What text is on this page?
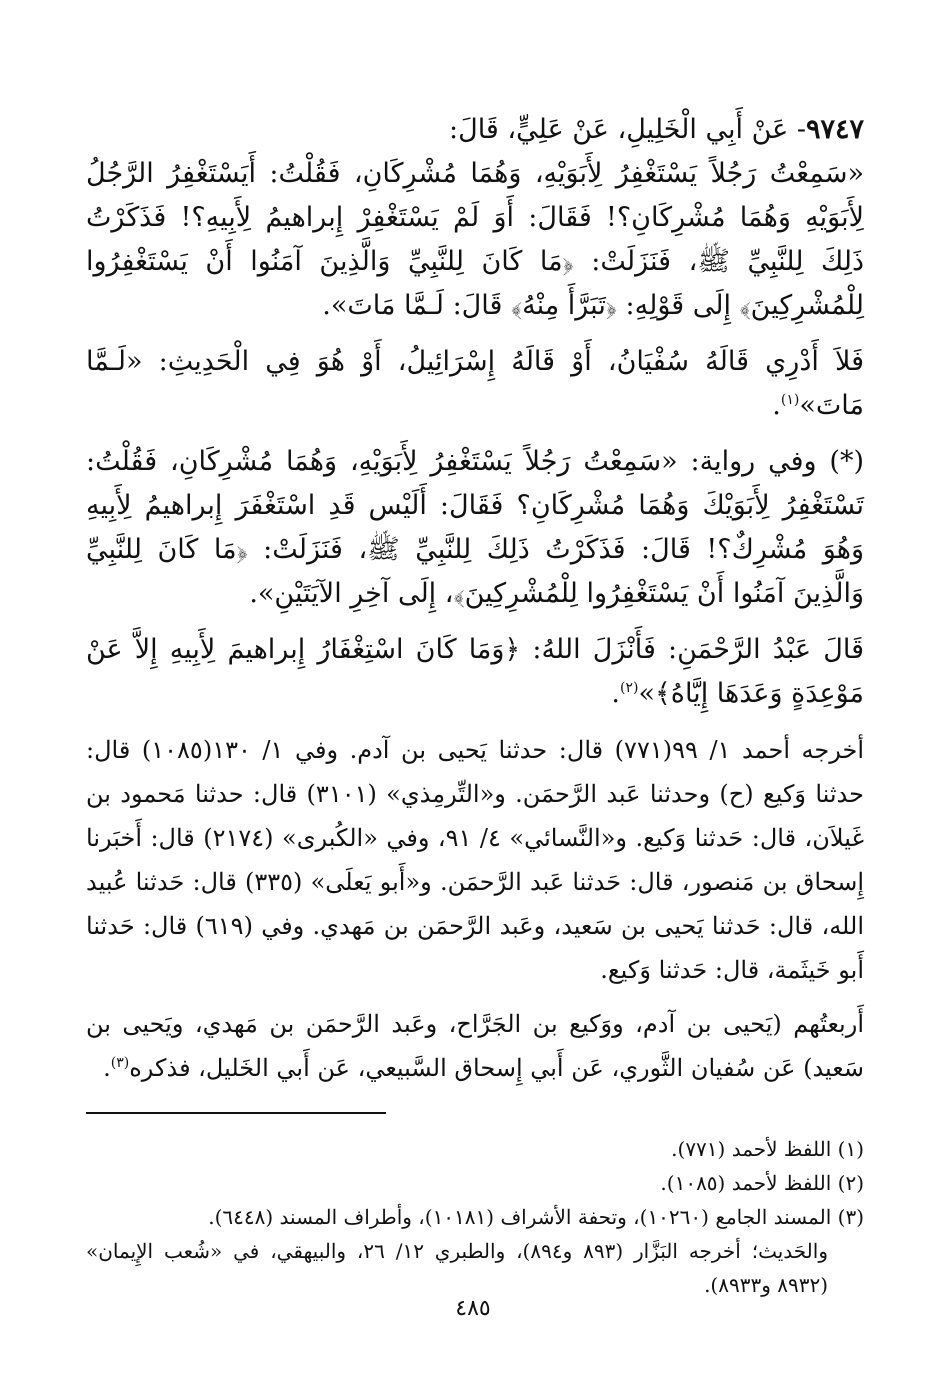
٩٧٤٧- عَنْ أَبِي الْخَلِيلِ، عَنْ عَلِيٍّ، قَالَ:

«سَمِعْتُ رَجُلاً يَسْتَغْفِرُ لِأَبَوَيْهِ، وَهُمَا مُشْرِكَانِ، فَقُلْتُ: أَيَسْتَغْفِرُ الرَّجُلُ لِأَبَوَيْهِ وَهُمَا مُشْرِكَانِ؟! فَقَالَ: أَوَ لَمْ يَسْتَغْفِرْ إِبراهيمُ لِأَبِيهِ؟! فَذَكَرْتُ ذَلِكَ لِلنَّبِيِّ ﷺ، فَنَزَلَتْ: ﴿مَا كَانَ لِلنَّبِيِّ وَالَّذِينَ آمَنُوا أَنْ يَسْتَغْفِرُوا لِلْمُشْرِكِينَ﴾ إِلَى قَوْلِهِ: ﴿تَبَرَّأَ مِنْهُ﴾ قَالَ: لَـمَّا مَاتَ».

فَلاَ أَدْرِي قَالَهُ سُفْيَانُ، أَوْ قَالَهُ إِسْرَائِيلُ، أَوْ هُوَ فِي الْحَدِيثِ: «لَـمَّا مَاتَ»$^{(١)}$.

(*) وفي رواية: «سَمِعْتُ رَجُلاً يَسْتَغْفِرُ لِأَبَوَيْهِ، وَهُمَا مُشْرِكَانِ، فَقُلْتُ: تَسْتَغْفِرُ لِأَبَوَيْكَ وَهُمَا مُشْرِكَانِ؟ فَقَالَ: أَلَيْس قَدِ اسْتَغْفَرَ إِبراهيمُ لِأَبِيهِ وَهُوَ مُشْرِكٌ؟! قَالَ: فَذَكَرْتُ ذَلِكَ لِلنَّبِيِّ ﷺ، فَنَزَلَتْ: ﴿مَا كَانَ لِلنَّبِيِّ وَالَّذِينَ آمَنُوا أَنْ يَسْتَغْفِرُوا لِلْمُشْرِكِينَ﴾، إِلَى آخِرِ الآيَتَيْنِ».

قَالَ عَبْدُ الرَّحْمَنِ: فَأَنْزَلَ اللهُ: ﴿وَمَا كَانَ اسْتِغْفَارُ إِبراهيمَ لِأَبِيهِ إِلاَّ عَنْ مَوْعِدَةٍ وَعَدَهَا إِيَّاهُ﴾»$^{(٢)}$.

أخرجه أحمد ١/ ٩٩(٧٧١) قال: حدثنا يَحيى بن آدم. وفي ١/ ١٣٠(١٠٨٥) قال: حدثنا وَكيع (ح) وحدثنا عَبد الرَّحمَن. و«التِّرمِذي» (٣١٠١) قال: حدثنا مَحمود بن غَيلاَن، قال: حَدثنا وَكيع. و«النَّسائي» ٤/ ٩١، وفي «الكُبرى» (٢١٧٤) قال: أَخبَرنا إِسحاق بن مَنصور، قال: حَدثنا عَبد الرَّحمَن. و«أَبو يَعلَى» (٣٣٥) قال: حَدثنا عُبيد الله، قال: حَدثنا يَحيى بن سَعيد، وعَبد الرَّحمَن بن مَهدي. وفي (٦١٩) قال: حَدثنا أَبو خَيثَمة، قال: حَدثنا وَكيع.

أَربعتُهم (يَحيى بن آدم، ووَكيع بن الجَرَّاح، وعَبد الرَّحمَن بن مَهدي، ويَحيى بن سَعيد) عَن سُفيان الثَّوري، عَن أَبي إِسحاق السَّبيعي، عَن أَبي الخَليل، فذكره$^{(٣)}$.

(١) اللفظ لأحمد (٧٧١).

(٢) اللفظ لأحمد (١٠٨٥).

(٣) المسند الجامع (١٠٢٦٠)، وتحفة الأشراف (١٠١٨١)، وأطراف المسند (٦٤٤٨).

والحَديث؛ أخرجه البَزَّار (٨٩٣ و٨٩٤)، والطبري ١٢/ ٢٦، والبيهقي، في «شُعب الإِيمان» (٨٩٣٢ و٨٩٣٣).

٤٨٥
